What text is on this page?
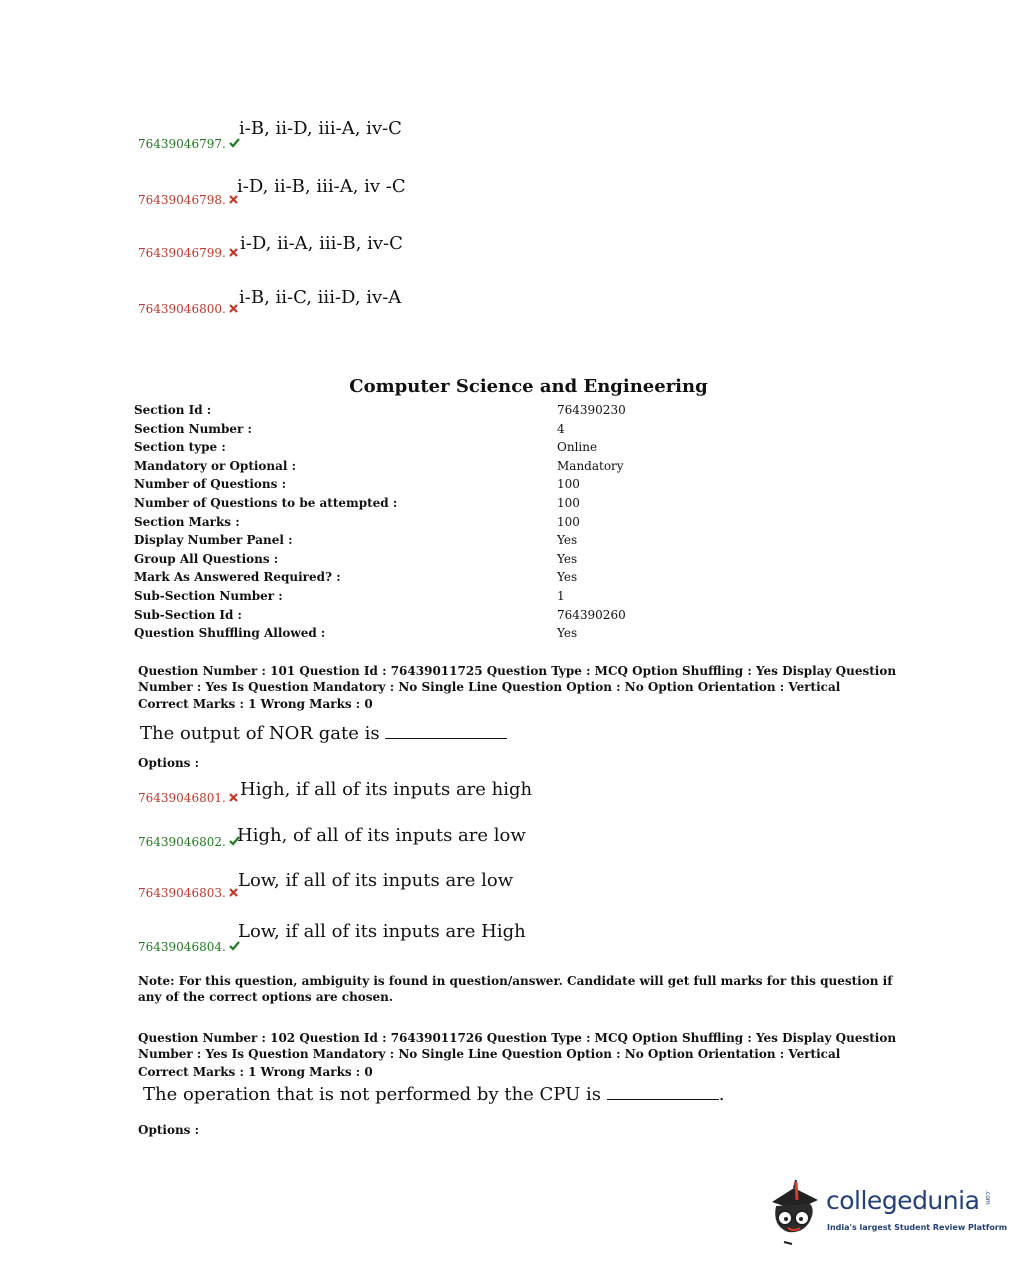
76439046797.
i-B, ii-D, iii-A, iv-C
76439046798.
i-D, ii-B, iii-A, iv -C
76439046799. i-D, ii-A, iii-B, iv-C
76439046800.
i-B, ii-C, iii-D, iv-A
Computer Science and Engineering
Section Id :	764390230
Section Number :	4
Section type :	Online
Mandatory or Optional :	Mandatory
Number of Questions :	100
Number of Questions to be attempted :	100
Section Marks :	100
Display Number Panel :	Yes
Group All Questions :	Yes
Mark As Answered Required? :	Yes
Sub-Section Number :	1
Sub-Section Id :	764390260
Question Shuffling Allowed :	Yes
Question Number : 101 Question Id : 76439011725 Question Type : MCQ Option Shuffling : Yes Display Question Number : Yes Is Question Mandatory : No Single Line Question Option : No Option Orientation : Vertical
Correct Marks : 1 Wrong Marks : 0
The output of NOR gate is
Options :
76439046801. High, if all of its inputs are high
76439046802. High, of all of its inputs are low
76439046803.
Low, if all of its inputs are low
76439046804.
Low, if all of its inputs are High
Note: For this question, ambiguity is found in question/answer. Candidate will get full marks for this question if any of the correct options are chosen.
Question Number : 102 Question Id : 76439011726 Question Type : MCQ Option Shuffling : Yes Display Question Number : Yes Is Question Mandatory : No Single Line Question Option : No Option Orientation : Vertical
Correct Marks : 1 Wrong Marks : 0
The operation that is not performed by the CPU is	.
Options :
collegedunia .com
India's largest Student Review Platform
